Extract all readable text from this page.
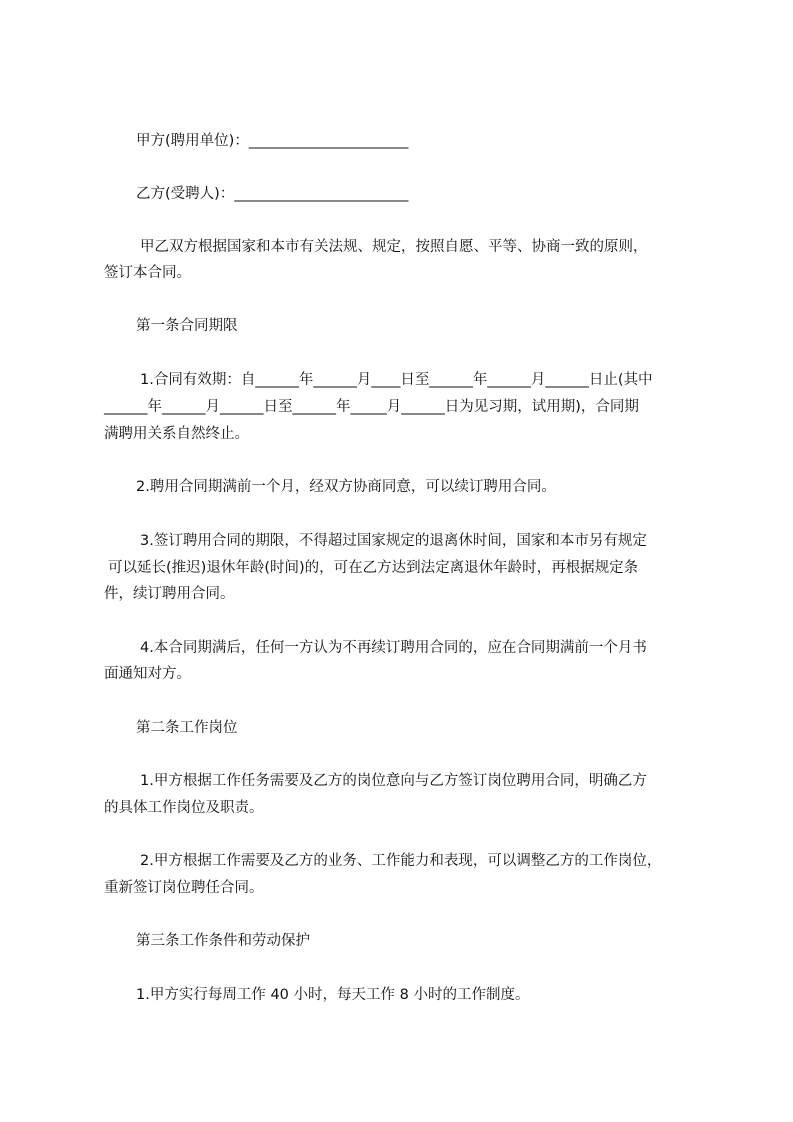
甲方(聘用单位)：______________________
乙方(受聘人)：________________________
甲乙双方根据国家和本市有关法规、规定，按照自愿、平等、协商一致的原则，
签订本合同。
第一条合同期限
1.合同有效期：自______年______月____日至______年______月______日止(其中
______年______月______日至______年_____月______日为见习期，试用期)，合同期
满聘用关系自然终止。
2.聘用合同期满前一个月，经双方协商同意，可以续订聘用合同。
3.签订聘用合同的期限，不得超过国家规定的退离休时间，国家和本市另有规定
可以延长(推迟)退休年龄(时间)的，可在乙方达到法定离退休年龄时，再根据规定条
件，续订聘用合同。
4.本合同期满后，任何一方认为不再续订聘用合同的，应在合同期满前一个月书
面通知对方。
第二条工作岗位
1.甲方根据工作任务需要及乙方的岗位意向与乙方签订岗位聘用合同，明确乙方
的具体工作岗位及职责。
2.甲方根据工作需要及乙方的业务、工作能力和表现，可以调整乙方的工作岗位，
重新签订岗位聘任合同。
第三条工作条件和劳动保护
1.甲方实行每周工作 40 小时，每天工作 8 小时的工作制度。
